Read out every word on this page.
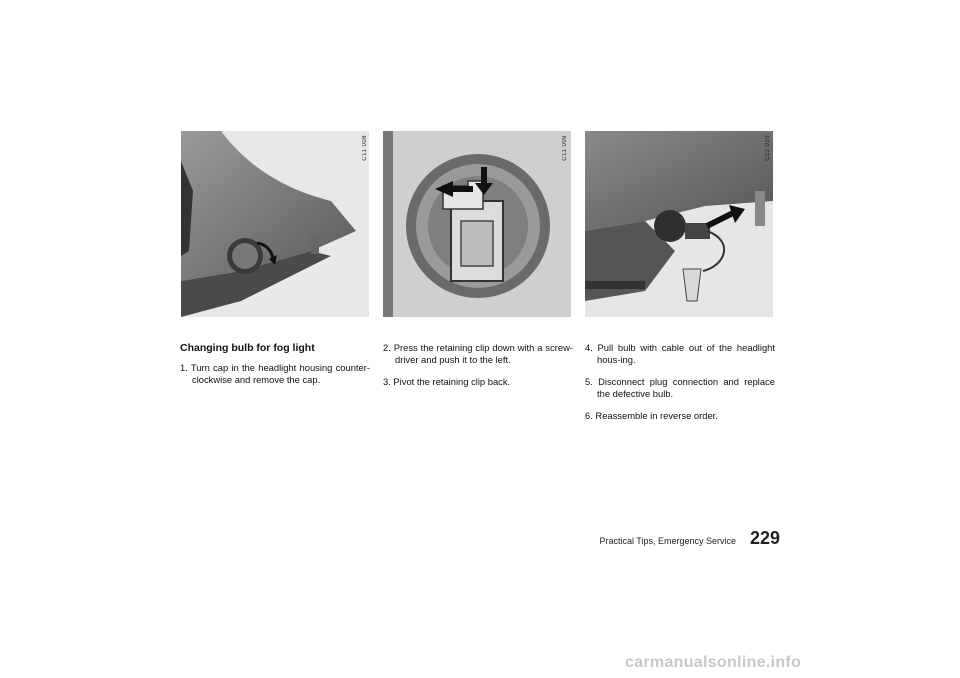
C11 008	C11 009	C11 010
Changing bulb for fog light
1. Turn cap in the headlight housing counter-clockwise and remove the cap.
2. Press the retaining clip down with a screw-driver and push it to the left.
3. Pivot the retaining clip back.
4. Pull bulb with cable out of the headlight hous-ing.
5. Disconnect plug connection and replace the defective bulb.
6. Reassemble in reverse order.
Practical Tips, Emergency Service 229
carmanualsonline.info
